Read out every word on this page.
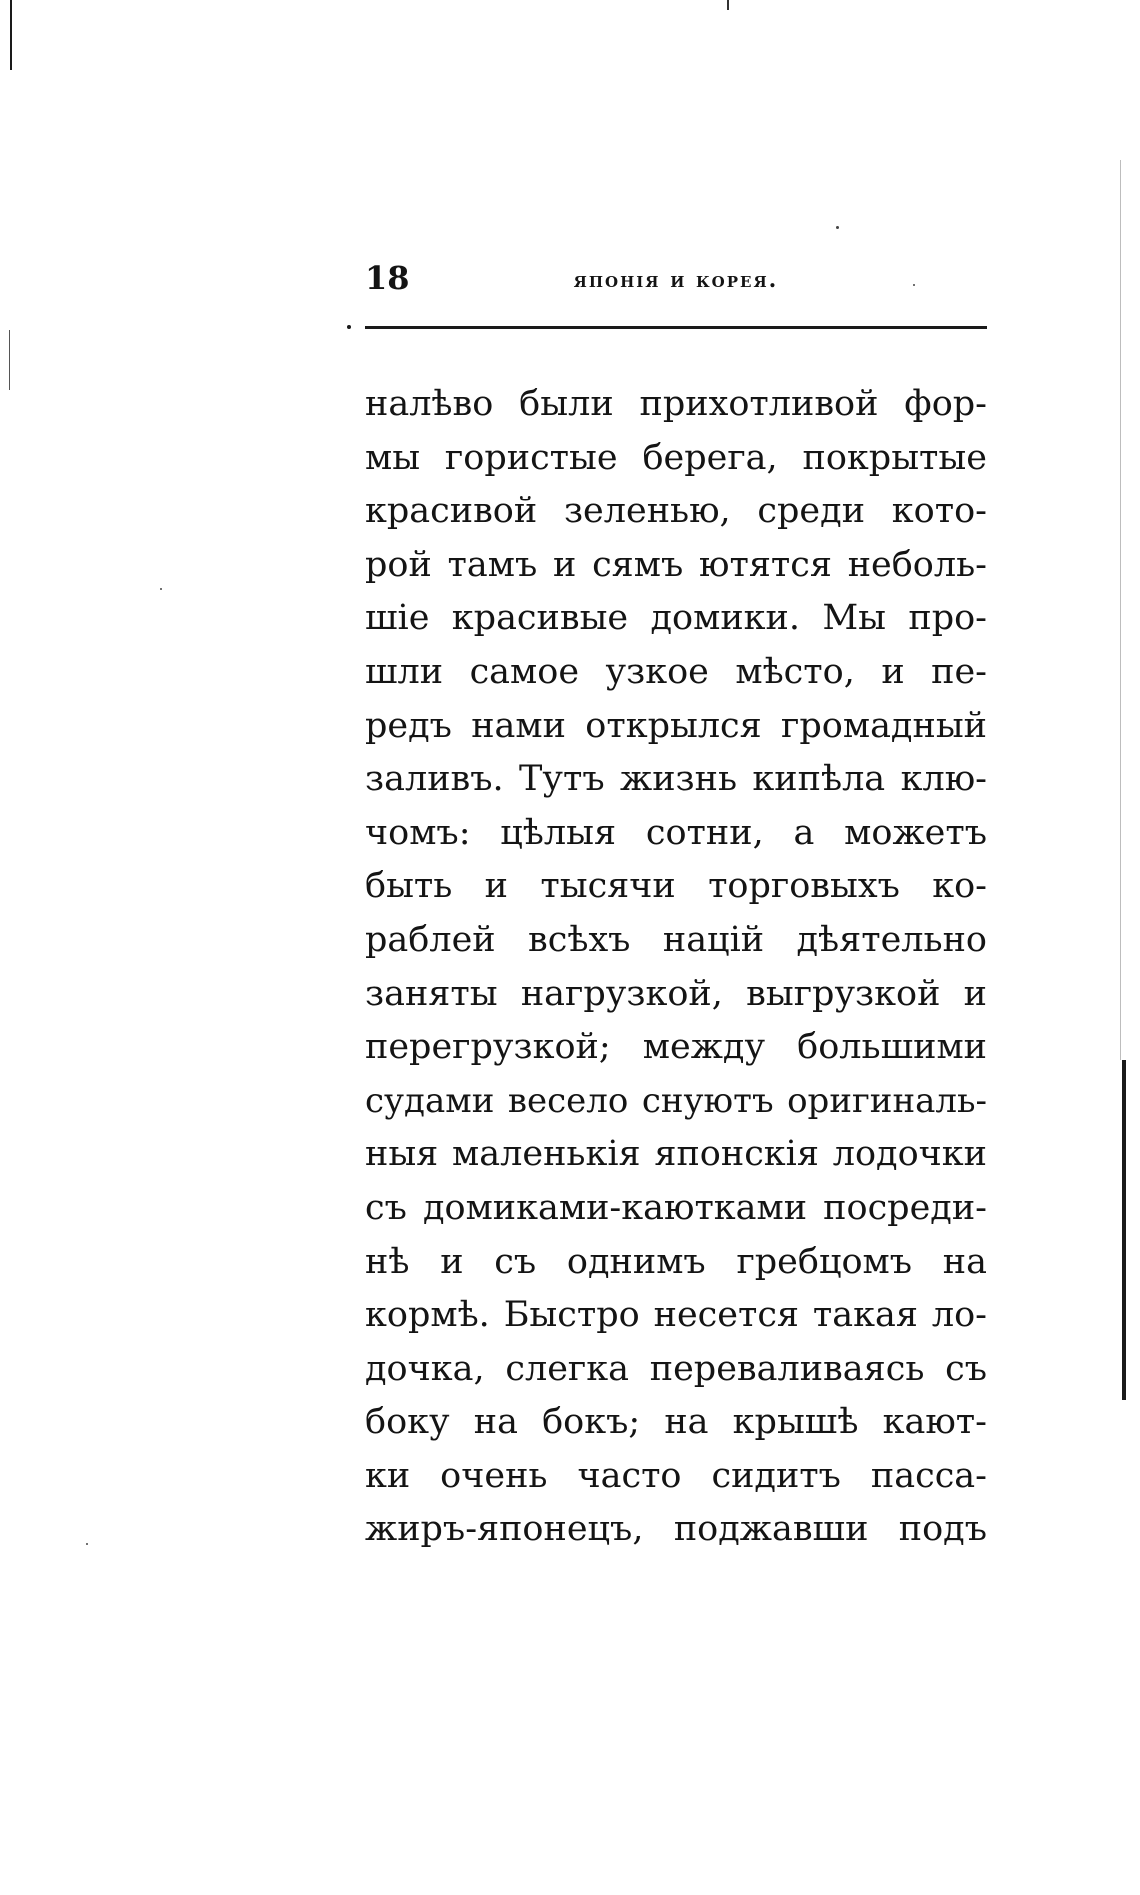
18	японія и корея.
налѣво были прихотливой фор-
мы гористые берега, покрытые
красивой зеленью, среди кото-
рой тамъ и сямъ ютятся неболь-
шіе красивые домики. Мы про-
шли самое узкое мѣсто, и пе-
редъ нами открылся громадный
заливъ. Тутъ жизнь кипѣла клю-
чомъ: цѣлыя сотни, а можетъ
быть и тысячи торговыхъ ко-
раблей всѣхъ націй дѣятельно
заняты нагрузкой, выгрузкой и
перегрузкой; между большими
судами весело снуютъ оригиналь-
ныя маленькія японскія лодочки
съ домиками-каютками посреди-
нѣ и съ однимъ гребцомъ на
кормѣ. Быстро несется такая ло-
дочка, слегка переваливаясь съ
боку на бокъ; на крышѣ кают-
ки очень часто сидитъ пасса-
жиръ-японецъ, поджавши подъ
